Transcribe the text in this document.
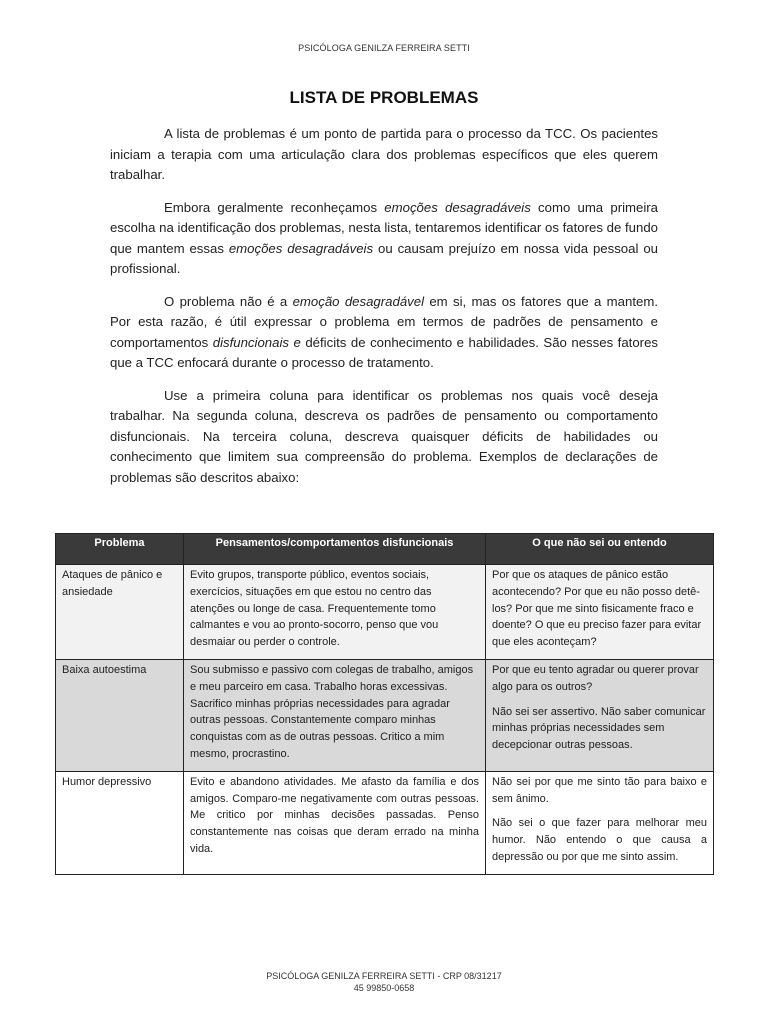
PSICÓLOGA GENILZA FERREIRA SETTI
LISTA DE PROBLEMAS

A lista de problemas é um ponto de partida para o processo da TCC. Os pacientes iniciam a terapia com uma articulação clara dos problemas específicos que eles querem trabalhar.

Embora geralmente reconheçamos emoções desagradáveis como uma primeira escolha na identificação dos problemas, nesta lista, tentaremos identificar os fatores de fundo que mantem essas emoções desagradáveis ou causam prejuízo em nossa vida pessoal ou profissional.

O problema não é a emoção desagradável em si, mas os fatores que a mantem. Por esta razão, é útil expressar o problema em termos de padrões de pensamento e comportamentos disfuncionais e déficits de conhecimento e habilidades. São nesses fatores que a TCC enfocará durante o processo de tratamento.

Use a primeira coluna para identificar os problemas nos quais você deseja trabalhar. Na segunda coluna, descreva os padrões de pensamento ou comportamento disfuncionais. Na terceira coluna, descreva quaisquer déficits de habilidades ou conhecimento que limitem sua compreensão do problema. Exemplos de declarações de problemas são descritos abaixo:

Problema	Pensamentos/comportamentos disfuncionais	O que não sei ou entendo
Ataques de pânico e ansiedade	Evito grupos, transporte público, eventos sociais, exercícios, situações em que estou no centro das atenções ou longe de casa. Frequentemente tomo calmantes e vou ao pronto-socorro, penso que vou desmaiar ou perder o controle.	Por que os ataques de pânico estão acontecendo? Por que eu não posso detê-los? Por que me sinto fisicamente fraco e doente? O que eu preciso fazer para evitar que eles aconteçam?

Baixa autoestima	Sou submisso e passivo com colegas de trabalho, amigos e meu parceiro em casa. Trabalho horas excessivas. Sacrifico minhas próprias necessidades para agradar outras pessoas. Constantemente comparo minhas conquistas com as de outras pessoas. Critico a mim mesmo, procrastino.	Por que eu tento agradar ou querer provar algo para os outros?
Não sei ser assertivo. Não saber comunicar minhas próprias necessidades sem decepcionar outras pessoas.

Humor depressivo	Evito e abandono atividades. Me afasto da família e dos amigos. Comparo-me negativamente com outras pessoas. Me critico por minhas decisões passadas. Penso constantemente nas coisas que deram errado na minha vida.	Não sei por que me sinto tão para baixo e sem ânimo.
Não sei o que fazer para melhorar meu humor. Não entendo o que causa a depressão ou por que me sinto assim.
PSICÓLOGA GENILZA FERREIRA SETTI - CRP 08/31217
45 99850-0658
